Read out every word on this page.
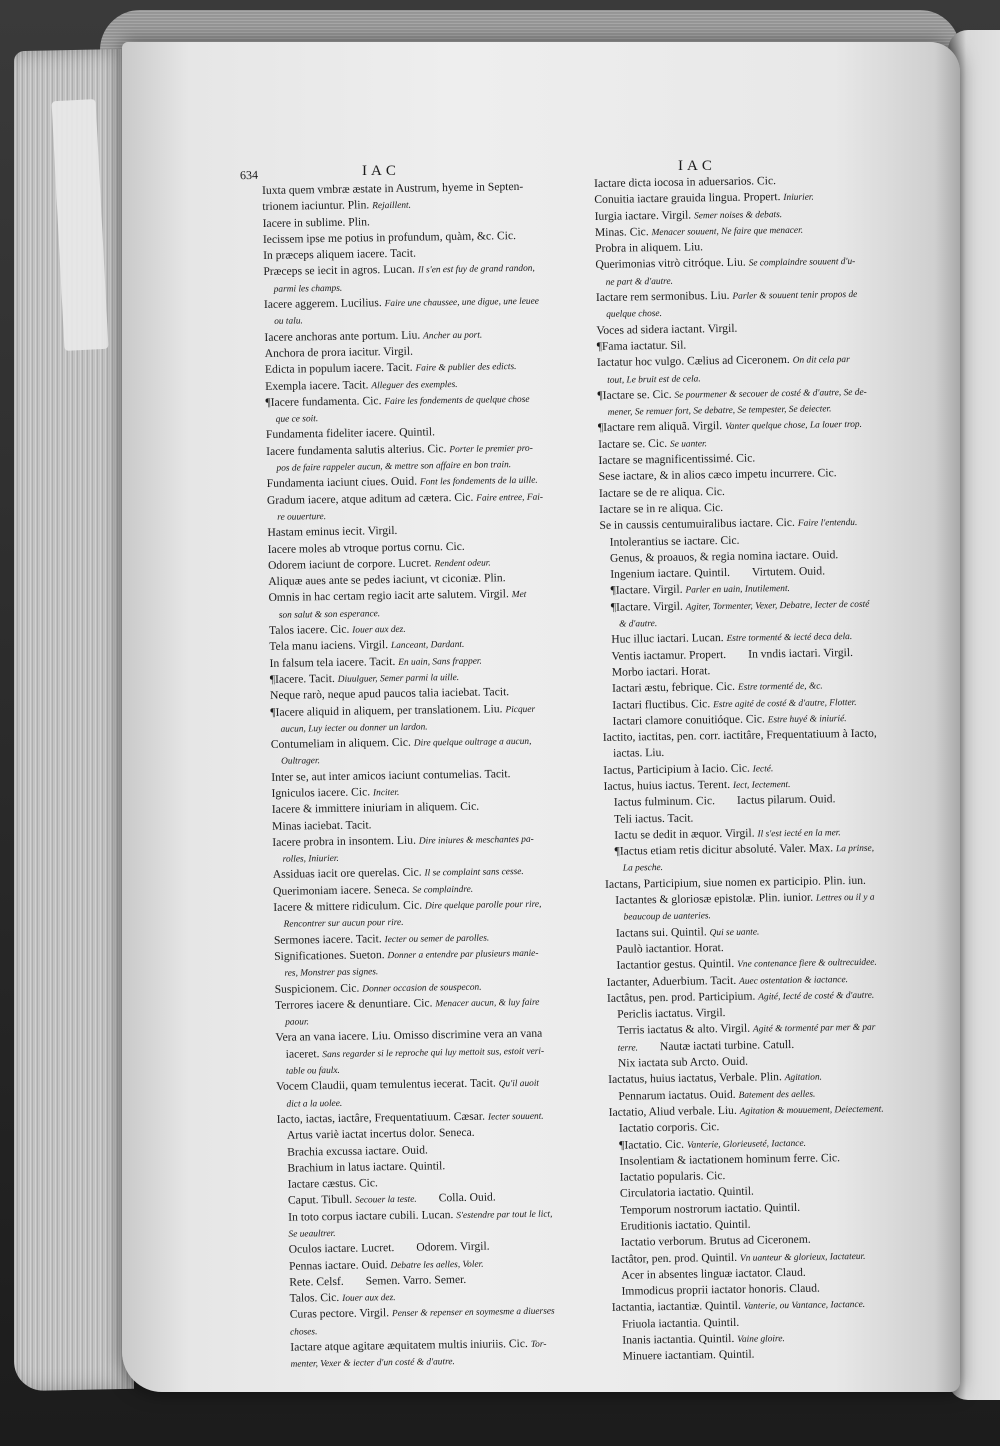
634	IAC	IAC
Iuxta quem vmbræ æstate in Austrum, hyeme in Septen-
trionem iaciuntur. Plin. Rejaillent.
Iacere in sublime. Plin.
Iecissem ipse me potius in profundum, quàm, &c. Cic.
In præceps aliquem iacere. Tacit.
Præceps se iecit in agros. Lucan. Il s'en est fuy de grand randon,
parmi les champs.
Iacere aggerem. Lucilius. Faire une chaussee, une digue, une leuee
ou talu.
Iacere anchoras ante portum. Liu. Ancher au port.
Anchora de prora iacitur. Virgil.
Edicta in populum iacere. Tacit. Faire & publier des edicts.
Exempla iacere. Tacit. Alleguer des exemples.
¶Iacere fundamenta. Cic. Faire les fondements de quelque chose
que ce soit.
Fundamenta fideliter iacere. Quintil.
Iacere fundamenta salutis alterius. Cic. Porter le premier pro-
pos de faire rappeler aucun, & mettre son affaire en bon train.
Fundamenta iaciunt ciues. Ouid. Font les fondements de la uille.
Gradum iacere, atque aditum ad cætera. Cic. Faire entree, Fai-
re ouuerture.
Hastam eminus iecit. Virgil.
Iacere moles ab vtroque portus cornu. Cic.
Odorem iaciunt de corpore. Lucret. Rendent odeur.
Aliquæ aues ante se pedes iaciunt, vt ciconiæ. Plin.
Omnis in hac certam regio iacit arte salutem. Virgil. Met
son salut & son esperance.
Talos iacere. Cic. Iouer aux dez.
Tela manu iaciens. Virgil. Lanceant, Dardant.
In falsum tela iacere. Tacit. En uain, Sans frapper.
¶Iacere. Tacit. Diuulguer, Semer parmi la uille.
Neque rarò, neque apud paucos talia iaciebat. Tacit.
¶Iacere aliquid in aliquem, per translationem. Liu. Picquer
aucun, Luy iecter ou donner un lardon.
Contumeliam in aliquem. Cic. Dire quelque oultrage a aucun,
Oultrager.
Inter se, aut inter amicos iaciunt contumelias. Tacit.
Igniculos iacere. Cic. Inciter.
Iacere & immittere iniuriam in aliquem. Cic.
Minas iaciebat. Tacit.
Iacere probra in insontem. Liu. Dire iniures & meschantes pa-
rolles, Iniurier.
Assiduas iacit ore querelas. Cic. Il se complaint sans cesse.
Querimoniam iacere. Seneca. Se complaindre.
Iacere & mittere ridiculum. Cic. Dire quelque parolle pour rire,
Rencontrer sur aucun pour rire.
Sermones iacere. Tacit. Iecter ou semer de parolles.
Significationes. Sueton. Donner a entendre par plusieurs manie-
res, Monstrer pas signes.
Suspicionem. Cic. Donner occasion de souspecon.
Terrores iacere & denuntiare. Cic. Menacer aucun, & luy faire
paour.
Vera an vana iacere. Liu. Omisso discrimine vera an vana
iaceret. Sans regarder si le reproche qui luy mettoit sus, estoit veri-
table ou faulx.
Vocem Claudii, quam temulentus iecerat. Tacit. Qu'il auoit
dict a la uolee.
Iacto, iactas, iactâre, Frequentatiuum. Cæsar. Iecter souuent.
Artus variè iactat incertus dolor. Seneca.
Brachia excussa iactare. Ouid.
Brachium in latus iactare. Quintil.
Iactare cæstus. Cic.
Caput. Tibull. Secouer la teste. Colla. Ouid.
In toto corpus iactare cubili. Lucan. S'estendre par tout le lict,
Se ueaultrer.
Oculos iactare. Lucret. Odorem. Virgil.
Pennas iactare. Ouid. Debatre les aelles, Voler.
Rete. Celsf. Semen. Varro. Semer.
Talos. Cic. Iouer aux dez.
Curas pectore. Virgil. Penser & repenser en soymesme a diuerses
choses.
Iactare atque agitare æquitatem multis iniuriis. Cic. Tor-
menter, Vexer & iecter d'un costé & d'autre.
Iactare dicta iocosa in aduersarios. Cic.
Conuitia iactare grauida lingua. Propert. Iniurier.
Iurgia iactare. Virgil. Semer noises & debats.
Minas. Cic. Menacer souuent, Ne faire que menacer.
Probra in aliquem. Liu.
Querimonias vitrò citróque. Liu. Se complaindre souuent d'u-
ne part & d'autre.
Iactare rem sermonibus. Liu. Parler & souuent tenir propos de
quelque chose.
Voces ad sidera iactant. Virgil.
¶Fama iactatur. Sil.
Iactatur hoc vulgo. Cælius ad Ciceronem. On dit cela par
tout, Le bruit est de cela.
¶Iactare se. Cic. Se pourmener & secouer de costé & d'autre, Se de-
mener, Se remuer fort, Se debatre, Se tempester, Se deiecter.
¶Iactare rem aliquã. Virgil. Vanter quelque chose, La louer trop.
Iactare se. Cic. Se uanter.
Iactare se magnificentissimé. Cic.
Sese iactare, & in alios cæco impetu incurrere. Cic.
Iactare se de re aliqua. Cic.
Iactare se in re aliqua. Cic.
Se in caussis centumuiralibus iactare. Cic. Faire l'entendu.
Intolerantius se iactare. Cic.
Genus, & proauos, & regia nomina iactare. Ouid.
Ingenium iactare. Quintil. Virtutem. Ouid.
¶Iactare. Virgil. Parler en uain, Inutilement.
¶Iactare. Virgil. Agiter, Tormenter, Vexer, Debatre, Iecter de costé
& d'autre.
Huc illuc iactari. Lucan. Estre tormenté & iecté deca dela.
Ventis iactamur. Propert. In vndis iactari. Virgil.
Morbo iactari. Horat.
Iactari æstu, febrique. Cic. Estre tormenté de, &c.
Iactari fluctibus. Cic. Estre agité de costé & d'autre, Flotter.
Iactari clamore conuitióque. Cic. Estre huyé & iniurié.
Iactito, iactitas, pen. corr. iactitâre, Frequentatiuum à Iacto,
iactas. Liu.
Iactus, Participium à Iacio. Cic. Iecté.
Iactus, huius iactus. Terent. Iect, Iectement.
Iactus fulminum. Cic. Iactus pilarum. Ouid.
Teli iactus. Tacit.
Iactu se dedit in æquor. Virgil. Il s'est iecté en la mer.
¶Iactus etiam retis dicitur absoluté. Valer. Max. La prinse,
La pesche.
Iactans, Participium, siue nomen ex participio. Plin. iun.
Iactantes & gloriosæ epistolæ. Plin. iunior. Lettres ou il y a
beaucoup de uanteries.
Iactans sui. Quintil. Qui se uante.
Paulò iactantior. Horat.
Iactantior gestus. Quintil. Vne contenance fiere & oultrecuidee.
Iactanter, Aduerbium. Tacit. Auec ostentation & iactance.
Iactâtus, pen. prod. Participium. Agité, Iecté de costé & d'autre.
Periclis iactatus. Virgil.
Terris iactatus & alto. Virgil. Agité & tormenté par mer & par
terre. Nautæ iactati turbine. Catull.
Nix iactata sub Arcto. Ouid.
Iactatus, huius iactatus, Verbale. Plin. Agitation.
Pennarum iactatus. Ouid. Batement des aelles.
Iactatio, Aliud verbale. Liu. Agitation & mouuement, Deiectement.
Iactatio corporis. Cic.
¶Iactatio. Cic. Vanterie, Glorieuseté, Iactance.
Insolentiam & iactationem hominum ferre. Cic.
Iactatio popularis. Cic.
Circulatoria iactatio. Quintil.
Temporum nostrorum iactatio. Quintil.
Eruditionis iactatio. Quintil.
Iactatio verborum. Brutus ad Ciceronem.
Iactâtor, pen. prod. Quintil. Vn uanteur & glorieux, Iactateur.
Acer in absentes linguæ iactator. Claud.
Immodicus proprii iactator honoris. Claud.
Iactantia, iactantiæ. Quintil. Vanterie, ou Vantance, Iactance.
Friuola iactantia. Quintil.
Inanis iactantia. Quintil. Vaine gloire.
Minuere iactantiam. Quintil.
